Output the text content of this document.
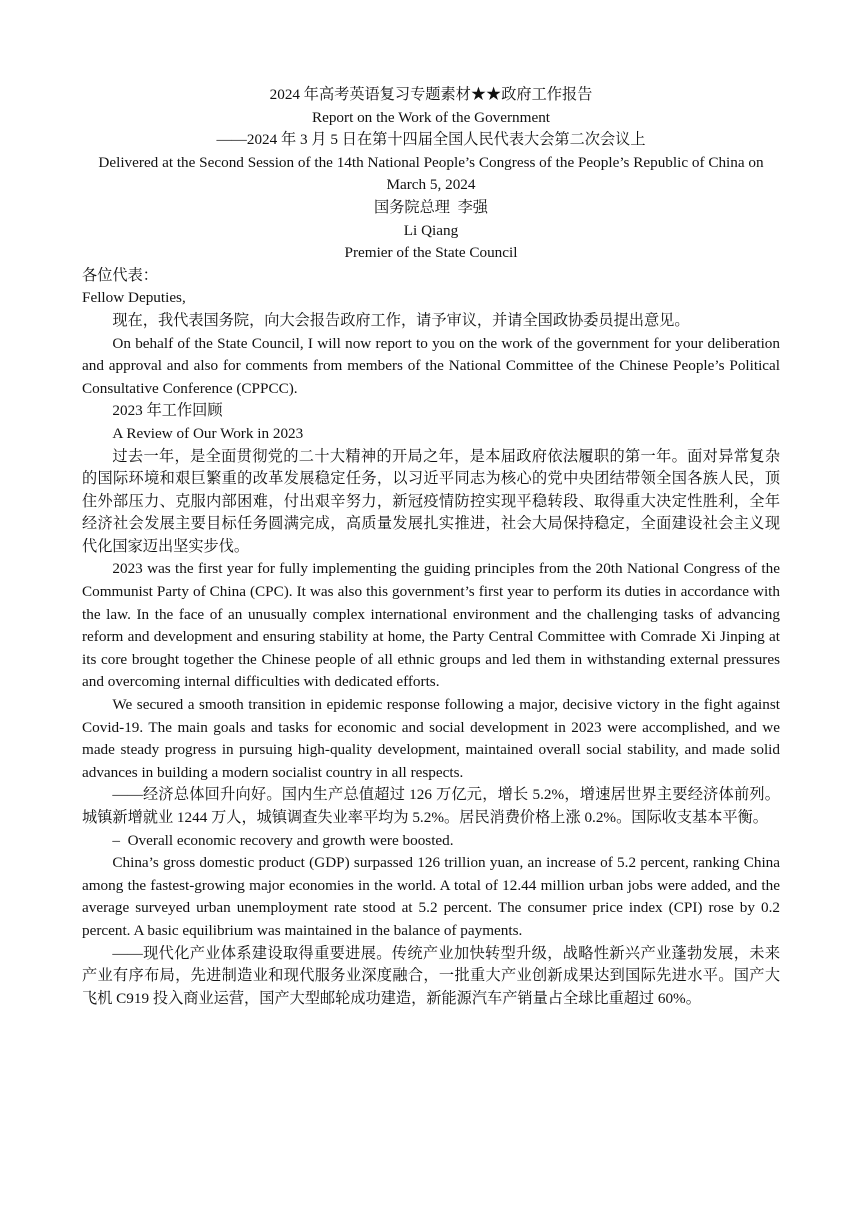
2024 年高考英语复习专题素材★★政府工作报告

Report on the Work of the Government

——2024 年 3 月 5 日在第十四届全国人民代表大会第二次会议上

Delivered at the Second Session of the 14th National People’s Congress of the People’s Republic of China on March 5, 2024

国务院总理  李强

Li Qiang

Premier of the State Council

各位代表：

Fellow Deputies,

现在，我代表国务院，向大会报告政府工作，请予审议，并请全国政协委员提出意见。

On behalf of the State Council, I will now report to you on the work of the government for your deliberation and approval and also for comments from members of the National Committee of the Chinese People’s Political Consultative Conference (CPPCC).

2023 年工作回顾

A Review of Our Work in 2023

过去一年，是全面贯彻党的二十大精神的开局之年，是本届政府依法履职的第一年。面对异常复杂的国际环境和艰巨繁重的改革发展稳定任务，以习近平同志为核心的党中央团结带领全国各族人民，顶住外部压力、克服内部困难，付出艰辛努力，新冠疫情防控实现平稳转段、取得重大决定性胜利，全年经济社会发展主要目标任务圆满完成，高质量发展扎实推进，社会大局保持稳定，全面建设社会主义现代化国家迈出坚实步伐。

2023 was the first year for fully implementing the guiding principles from the 20th National Congress of the Communist Party of China (CPC). It was also this government’s first year to perform its duties in accordance with the law. In the face of an unusually complex international environment and the challenging tasks of advancing reform and development and ensuring stability at home, the Party Central Committee with Comrade Xi Jinping at its core brought together the Chinese people of all ethnic groups and led them in withstanding external pressures and overcoming internal difficulties with dedicated efforts.

We secured a smooth transition in epidemic response following a major, decisive victory in the fight against Covid-19. The main goals and tasks for economic and social development in 2023 were accomplished, and we made steady progress in pursuing high-quality development, maintained overall social stability, and made solid advances in building a modern socialist country in all respects.

——经济总体回升向好。国内生产总值超过 126 万亿元，增长 5.2%，增速居世界主要经济体前列。城镇新增就业 1244 万人，城镇调查失业率平均为 5.2%。居民消费价格上涨 0.2%。国际收支基本平衡。

–  Overall economic recovery and growth were boosted.

China’s gross domestic product (GDP) surpassed 126 trillion yuan, an increase of 5.2 percent, ranking China among the fastest-growing major economies in the world. A total of 12.44 million urban jobs were added, and the average surveyed urban unemployment rate stood at 5.2 percent. The consumer price index (CPI) rose by 0.2 percent. A basic equilibrium was maintained in the balance of payments.

——现代化产业体系建设取得重要进展。传统产业加快转型升级，战略性新兴产业蓬勃发展，未来产业有序布局，先进制造业和现代服务业深度融合，一批重大产业创新成果达到国际先进水平。国产大飞机 C919 投入商业运营，国产大型邮轮成功建造，新能源汽车产销量占全球比重超过 60%。
